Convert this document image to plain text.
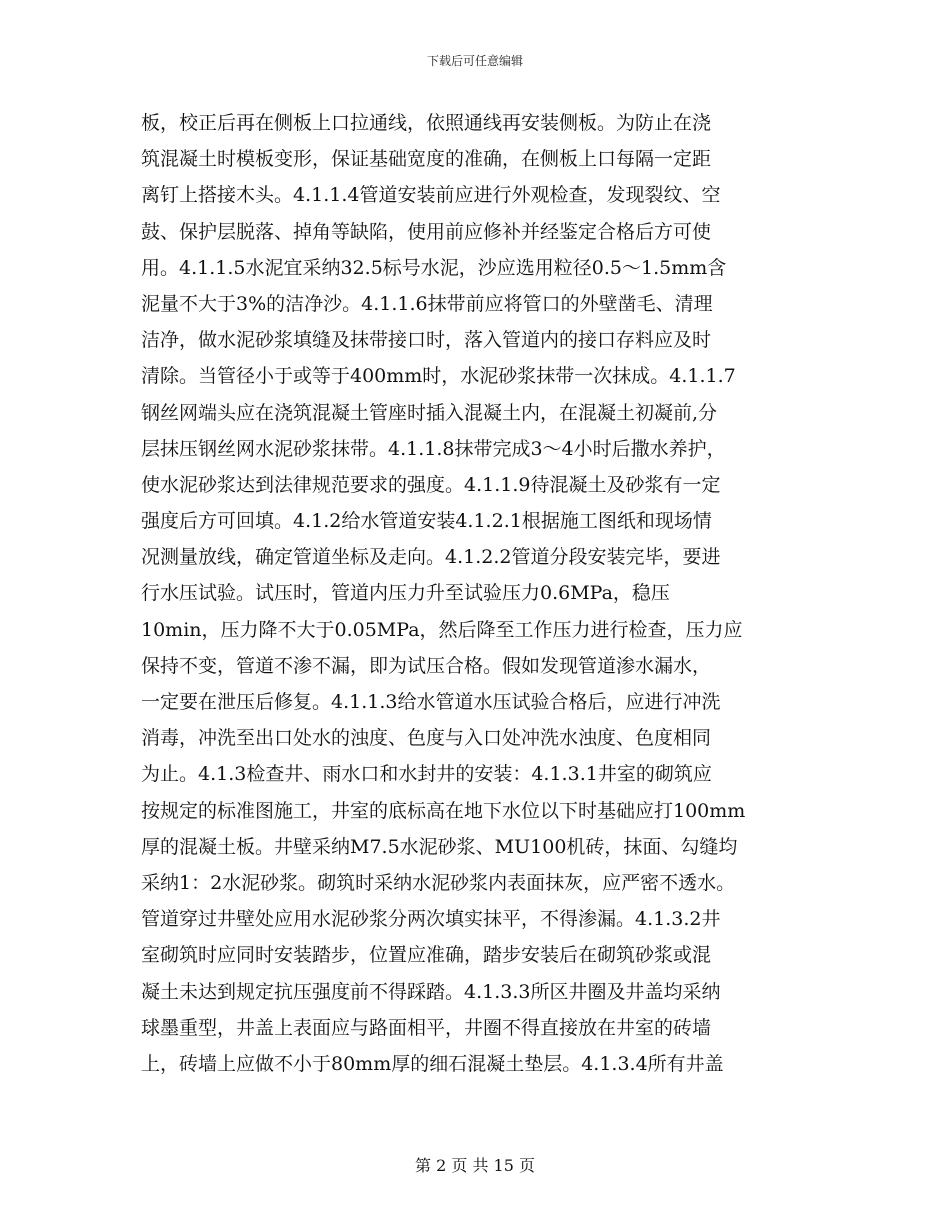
下载后可任意编辑
板，校正后再在侧板上口拉通线，依照通线再安装侧板。为防止在浇
筑混凝土时模板变形，保证基础宽度的准确，在侧板上口每隔一定距
离钉上搭接木头。4.1.1.4管道安装前应进行外观检查，发现裂纹、空
鼓、保护层脱落、掉角等缺陷，使用前应修补并经鉴定合格后方可使
用。4.1.1.5水泥宜采纳32.5标号水泥，沙应选用粒径0.5～1.5mm含
泥量不大于3%的洁净沙。4.1.1.6抹带前应将管口的外壁凿毛、清理
洁净，做水泥砂浆填缝及抹带接口时，落入管道内的接口存料应及时
清除。当管径小于或等于400mm时，水泥砂浆抹带一次抹成。4.1.1.7
钢丝网端头应在浇筑混凝土管座时插入混凝土内，在混凝土初凝前,分
层抹压钢丝网水泥砂浆抹带。4.1.1.8抹带完成3～4小时后撒水养护，
使水泥砂浆达到法律规范要求的强度。4.1.1.9待混凝土及砂浆有一定
强度后方可回填。4.1.2给水管道安装4.1.2.1根据施工图纸和现场情
况测量放线，确定管道坐标及走向。4.1.2.2管道分段安装完毕，要进
行水压试验。试压时，管道内压力升至试验压力0.6MPa，稳压
10min，压力降不大于0.05MPa，然后降至工作压力进行检查，压力应
保持不变，管道不渗不漏，即为试压合格。假如发现管道渗水漏水，
一定要在泄压后修复。4.1.1.3给水管道水压试验合格后，应进行冲洗
消毒，冲洗至出口处水的浊度、色度与入口处冲洗水浊度、色度相同
为止。4.1.3检查井、雨水口和水封井的安装：4.1.3.1井室的砌筑应
按规定的标准图施工，井室的底标高在地下水位以下时基础应打100mm
厚的混凝土板。井壁采纳M7.5水泥砂浆、MU100机砖，抹面、勾缝均
采纳1：2水泥砂浆。砌筑时采纳水泥砂浆内表面抹灰，应严密不透水。
管道穿过井壁处应用水泥砂浆分两次填实抹平，不得渗漏。4.1.3.2井
室砌筑时应同时安装踏步，位置应准确，踏步安装后在砌筑砂浆或混
凝土未达到规定抗压强度前不得踩踏。4.1.3.3所区井圈及井盖均采纳
球墨重型，井盖上表面应与路面相平，井圈不得直接放在井室的砖墙
上，砖墙上应做不小于80mm厚的细石混凝土垫层。4.1.3.4所有井盖
第 2 页 共 15 页
